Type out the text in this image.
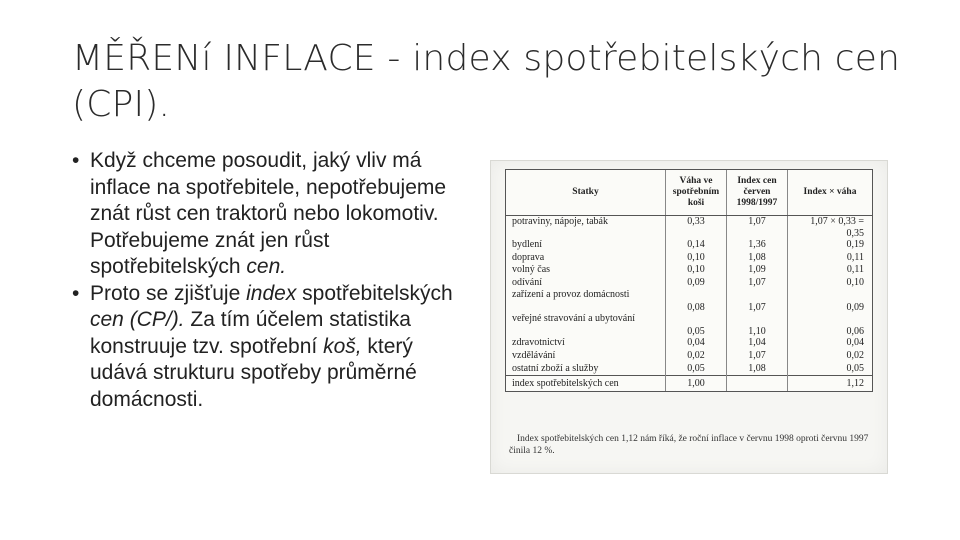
MĚŘENí INFLACE - index spotřebitelských cen (CPI).
• Když chceme posoudit, jaký vliv má inflace na spotřebitele, nepotřebujeme znát růst cen traktorů nebo lokomotiv. Potřebujeme znát jen růst spotřebitelských cen.
• Proto se zjišťuje index spotřebitelských cen (CP/). Za tím účelem statistika konstruuje tzv. spotřební koš, který udává strukturu spotřeby průměrné domácnosti.
Statky	Váha ve spotřebním koši	Index cen červen 1998/1997	Index × váha
potraviny, nápoje, tabák	0,33	1,07	1,07 × 0,33 = 0,35
bydlení	0,14	1,36	0,19
doprava	0,10	1,08	0,11
volný čas	0,10	1,09	0,11
odívání	0,09	1,07	0,10
zařízení a provoz domácnosti	0,08	1,07	0,09
veřejné stravování a ubytování	0,05	1,10	0,06
zdravotnictví	0,04	1,04	0,04
vzdělávání	0,02	1,07	0,02
ostatní zboží a služby	0,05	1,08	0,05
index spotřebitelských cen	1,00		1,12
Index spotřebitelských cen 1,12 nám říká, že roční inflace v červnu 1998 oproti červnu 1997 činila 12 %.
